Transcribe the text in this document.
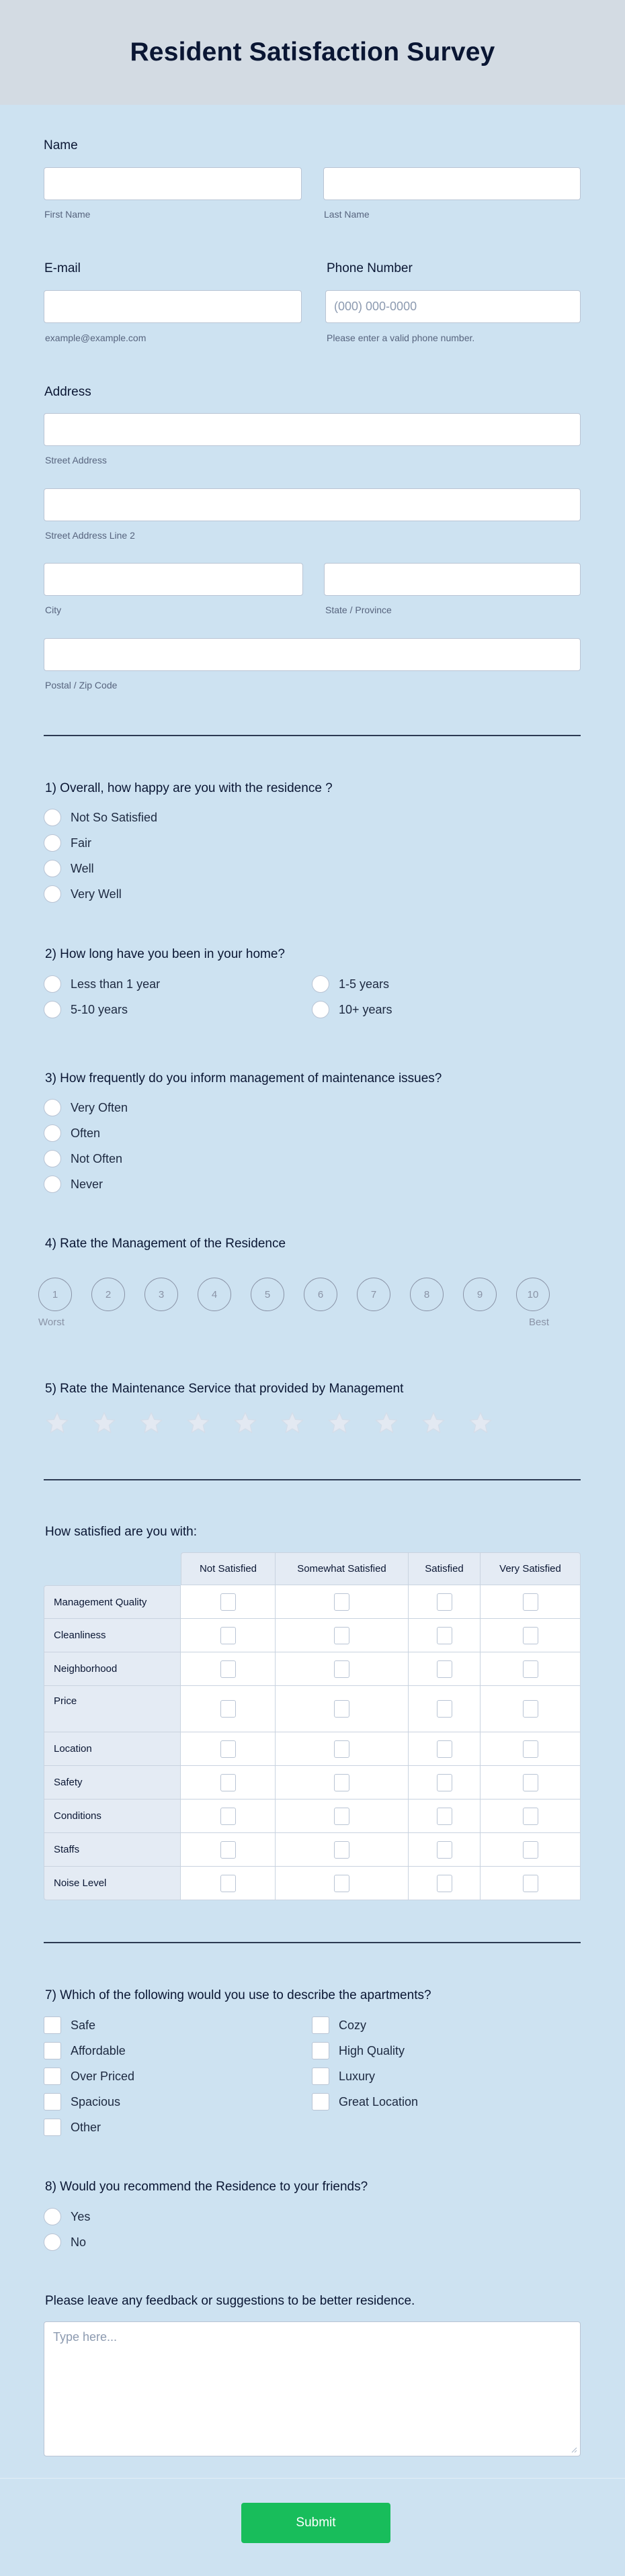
Resident Satisfaction Survey
Name
First Name	Last Name
E-mail
example@example.com
Phone Number
(000) 000-0000
Please enter a valid phone number.
Address
Street Address
Street Address Line 2
City	State / Province
Postal / Zip Code
1) Overall, how happy are you with the residence ?
Not So Satisfied
Fair
Well
Very Well
2) How long have you been in your home?
Less than 1 year	1-5 years
5-10 years	10+ years
3) How frequently do you inform management of maintenance issues?
Very Often
Often
Not Often
Never
4) Rate the Management of the Residence
1	2	3	4	5	6	7	8	9	10
Worst	Best
5) Rate the Maintenance Service that provided by Management
How satisfied are you with:
	Not Satisfied	Somewhat Satisfied	Satisfied	Very Satisfied
Management Quality				
Cleanliness				
Neighborhood				
Price				
Location				
Safety				
Conditions				
Staffs				
Noise Level				
7) Which of the following would you use to describe the apartments?
Safe	Cozy
Affordable	High Quality
Over Priced	Luxury
Spacious	Great Location
Other
8) Would you recommend the Residence to your friends?
Yes
No
Please leave any feedback or suggestions to be better residence.
Type here...
Submit
